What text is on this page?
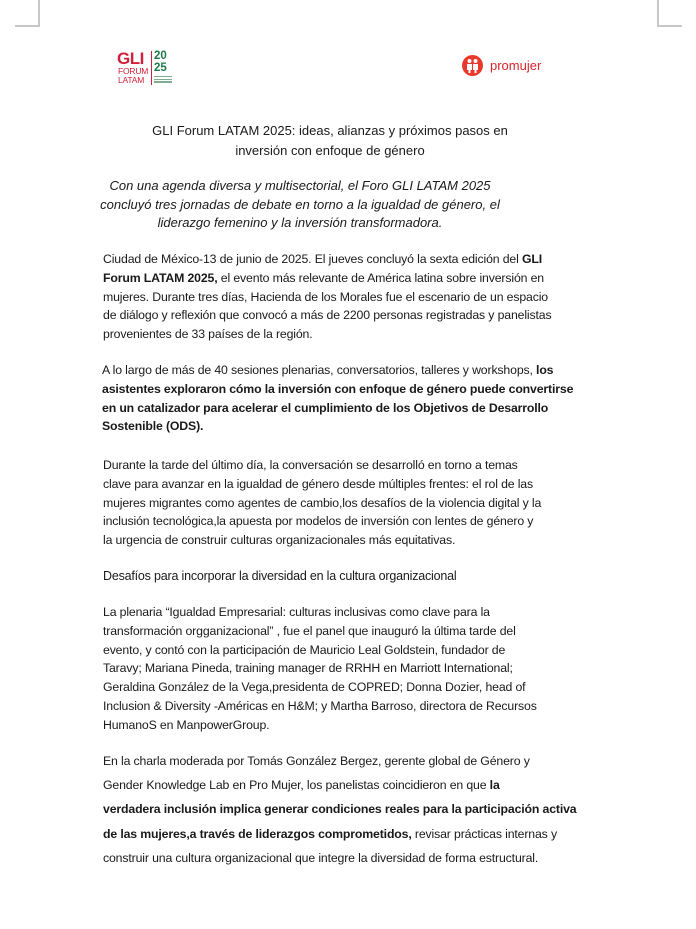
GLI
FORUM
LATAM
20
25	promujer
GLI Forum LATAM 2025: ideas, alianzas y próximos pasos en
inversión con enfoque de género
Con una agenda diversa y multisectorial, el Foro GLI LATAM 2025
concluyó tres jornadas de debate en torno a la igualdad de género, el
liderazgo femenino y la inversión transformadora.
Ciudad de México-13 de junio de 2025. El jueves concluyó la sexta edición del GLI
Forum LATAM 2025, el evento más relevante de América latina sobre inversión en
mujeres. Durante tres días, Hacienda de los Morales fue el escenario de un espacio
de diálogo y reflexión que convocó a más de 2200 personas registradas y panelistas
provenientes de 33 países de la región.
A lo largo de más de 40 sesiones plenarias, conversatorios, talleres y workshops, los
asistentes exploraron cómo la inversión con enfoque de género puede convertirse
en un catalizador para acelerar el cumplimiento de los Objetivos de Desarrollo
Sostenible (ODS).
Durante la tarde del último día, la conversación se desarrolló en torno a temas
clave para avanzar en la igualdad de género desde múltiples frentes: el rol de las
mujeres migrantes como agentes de cambio,los desafíos de la violencia digital y la
inclusión tecnológica,la apuesta por modelos de inversión con lentes de género y
la urgencia de construir culturas organizacionales más equitativas.
Desafíos para incorporar la diversidad en la cultura organizacional
La plenaria “Igualdad Empresarial: culturas inclusivas como clave para la
transformación orgganizacional” , fue el panel que inauguró la última tarde del
evento, y contó con la participación de Mauricio Leal Goldstein, fundador de
Taravy; Mariana Pineda, training manager de RRHH en Marriott International;
Geraldina González de la Vega,presidenta de COPRED; Donna Dozier, head of
Inclusion & Diversity -Américas en H&M; y Martha Barroso, directora de Recursos
HumanoS en ManpowerGroup.
En la charla moderada por Tomás González Bergez, gerente global de Género y
Gender Knowledge Lab en Pro Mujer, los panelistas coincidieron en que la
verdadera inclusión implica generar condiciones reales para la participación activa
de las mujeres,a través de liderazgos comprometidos, revisar prácticas internas y
construir una cultura organizacional que integre la diversidad de forma estructural.
